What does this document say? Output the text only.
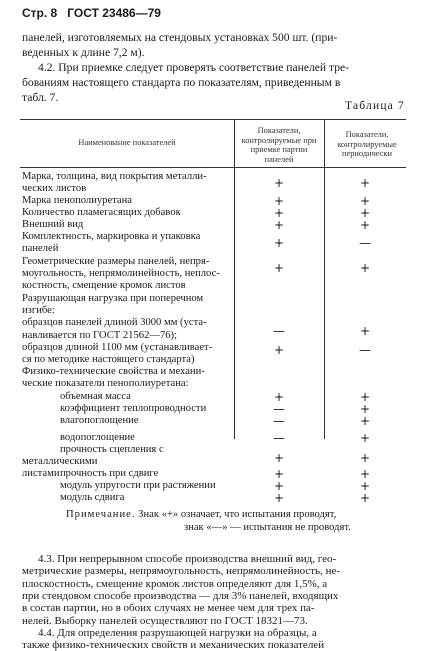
Стр. 8 ГОСТ 23486—79
панелей, изготовляемых на стендовых установках 500 шт. (при-
веденных к длине 7,2 м).
4.2. При приемке следует проверять соответствие панелей тре-
бованиям настоящего стандарта по показателям, приведенным в
табл. 7.
Таблица 7
Наименование показателей
Показатели, контролируемые при приемке партии панелей
Показатели, контролируемые периодически
Марка, толщина, вид покрытия металли-
ческих листов	+	+
Марка пенополиуретана	+	+
Количество пламегасящих добавок	+	+
Внешний вид	+	+
Комплектность, маркировка и упаковка
панелей	+	—
Геометрические размеры панелей, непря-
моугольность, непрямолинейность, неплос-
костность, смещение кромок листов
+	+
Разрушающая нагрузка при поперечном
изгибе:
образцов панелей длиной 3000 мм (уста-
навливается по ГОСТ 21562—76);	—	+
образцов длиной 1100 мм (устанавливает-
ся по методике настоящего стандарта)
+	—
Физико-технические свойства и механи-
ческие показатели пенополиуретана:
объемная масса	+	+
коэффициент теплопроводности	—	+
влагопоглощение	—	+
водопоглощение	—	+
прочность сцепления с металлическими
листами
+	+
прочность при сдвиге	+	+
модуль упругости при растяжении	+	+
модуль сдвига	+	+
Примечание. Знак «+» означает, что испытания проводят,
знак «—» — испытания не проводят.
4.3. При непрерывном способе производства внешний вид, гео-
метрические размеры, непрямоугольность, непрямолинейность, не-
плоскостность, смещение кромок листов определяют для 1,5%, а
при стендовом способе производства — для 3% панелей, входящих
в состав партии, но в обоих случаях не менее чем для трех па-
нелей. Выборку панелей осуществляют по ГОСТ 18321—73.
4.4. Для определения разрушающей нагрузки на образцы, а
также физико-технических свойств и механических показателей
